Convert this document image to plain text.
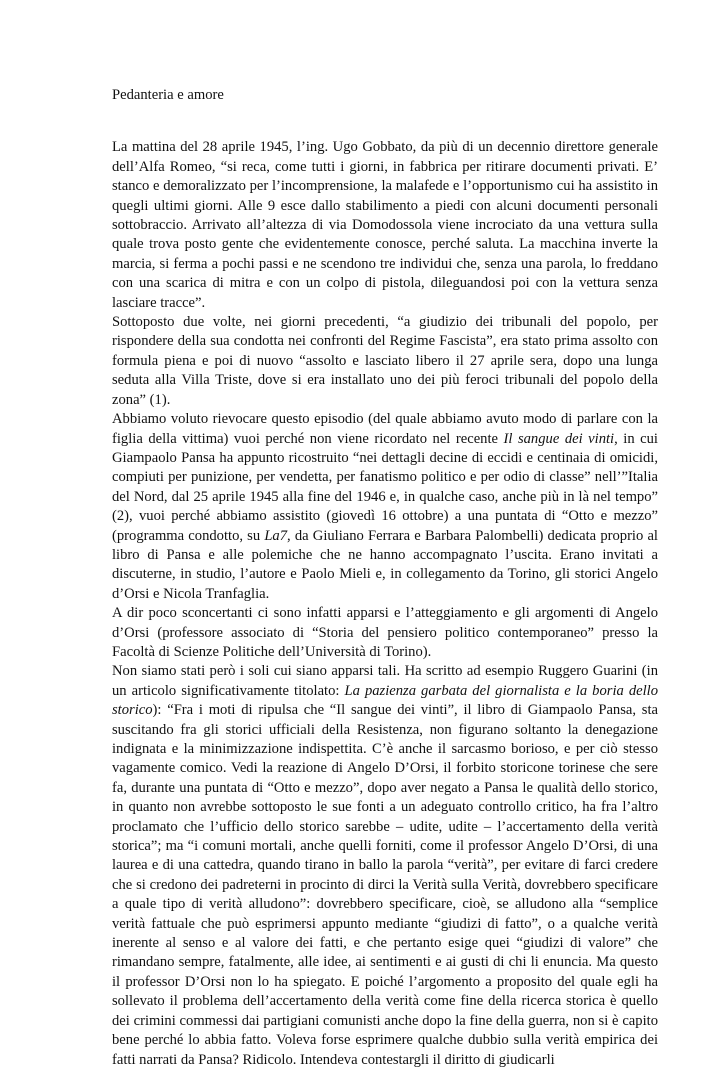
Pedanteria e amore

La mattina del 28 aprile 1945, l’ing. Ugo Gobbato, da più di un decennio direttore generale dell’Alfa Romeo, “si reca, come tutti i giorni, in fabbrica per ritirare documenti privati. E’ stanco e demoralizzato per l’incomprensione, la malafede e l’opportunismo cui ha assistito in quegli ultimi giorni. Alle 9 esce dallo stabilimento a piedi con alcuni documenti personali sottobraccio. Arrivato all’altezza di via Domodossola viene incrociato da una vettura sulla quale trova posto gente che evidentemente conosce, perché saluta. La macchina inverte la marcia, si ferma a pochi passi e ne scendono tre individui che, senza una parola, lo freddano con una scarica di mitra e con un colpo di pistola, dileguandosi poi con la vettura senza lasciare tracce”.

Sottoposto due volte, nei giorni precedenti, “a giudizio dei tribunali del popolo, per rispondere della sua condotta nei confronti del Regime Fascista”, era stato prima assolto con formula piena e poi di nuovo “assolto e lasciato libero il 27 aprile sera, dopo una lunga seduta alla Villa Triste, dove si era installato uno dei più feroci tribunali del popolo della zona” (1).

Abbiamo voluto rievocare questo episodio (del quale abbiamo avuto modo di parlare con la figlia della vittima) vuoi perché non viene ricordato nel recente Il sangue dei vinti, in cui Giampaolo Pansa ha appunto ricostruito “nei dettagli decine di eccidi e centinaia di omicidi, compiuti per punizione, per vendetta, per fanatismo politico e per odio di classe” nell’”Italia del Nord, dal 25 aprile 1945 alla fine del 1946 e, in qualche caso, anche più in là nel tempo” (2), vuoi perché abbiamo assistito (giovedì 16 ottobre) a una puntata di “Otto e mezzo” (programma condotto, su La7, da Giuliano Ferrara e Barbara Palombelli) dedicata proprio al libro di Pansa e alle polemiche che ne hanno accompagnato l’uscita. Erano invitati a discuterne, in studio, l’autore e Paolo Mieli e, in collegamento da Torino, gli storici Angelo d’Orsi e Nicola Tranfaglia.

A dir poco sconcertanti ci sono infatti apparsi e l’atteggiamento e gli argomenti di Angelo d’Orsi (professore associato di “Storia del pensiero politico contemporaneo” presso la Facoltà di Scienze Politiche dell’Università di Torino).

Non siamo stati però i soli cui siano apparsi tali. Ha scritto ad esempio Ruggero Guarini (in un articolo significativamente titolato: La pazienza garbata del giornalista e la boria dello storico): “Fra i moti di ripulsa che “Il sangue dei vinti”, il libro di Giampaolo Pansa, sta suscitando fra gli storici ufficiali della Resistenza, non figurano soltanto la denegazione indignata e la minimizzazione indispettita. C’è anche il sarcasmo borioso, e per ciò stesso vagamente comico. Vedi la reazione di Angelo D’Orsi, il forbito storicone torinese che sere fa, durante una puntata di “Otto e mezzo”, dopo aver negato a Pansa le qualità dello storico, in quanto non avrebbe sottoposto le sue fonti a un adeguato controllo critico, ha fra l’altro proclamato che l’ufficio dello storico sarebbe – udite, udite – l’accertamento della verità storica”; ma “i comuni mortali, anche quelli forniti, come il professor Angelo D’Orsi, di una laurea e di una cattedra, quando tirano in ballo la parola “verità”, per evitare di farci credere che si credono dei padreterni in procinto di dirci la Verità sulla Verità, dovrebbero specificare a quale tipo di verità alludono”: dovrebbero specificare, cioè, se alludono alla “semplice verità fattuale che può esprimersi appunto mediante “giudizi di fatto”, o a qualche verità inerente al senso e al valore dei fatti, e che pertanto esige quei “giudizi di valore” che rimandano sempre, fatalmente, alle idee, ai sentimenti e ai gusti di chi li enuncia. Ma questo il professor D’Orsi non lo ha spiegato. E poiché l’argomento a proposito del quale egli ha sollevato il problema dell’accertamento della verità come fine della ricerca storica è quello dei crimini commessi dai partigiani comunisti anche dopo la fine della guerra, non si è capito bene perché lo abbia fatto. Voleva forse esprimere qualche dubbio sulla verità empirica dei fatti narrati da Pansa? Ridicolo. Intendeva contestargli il diritto di giudicarli
